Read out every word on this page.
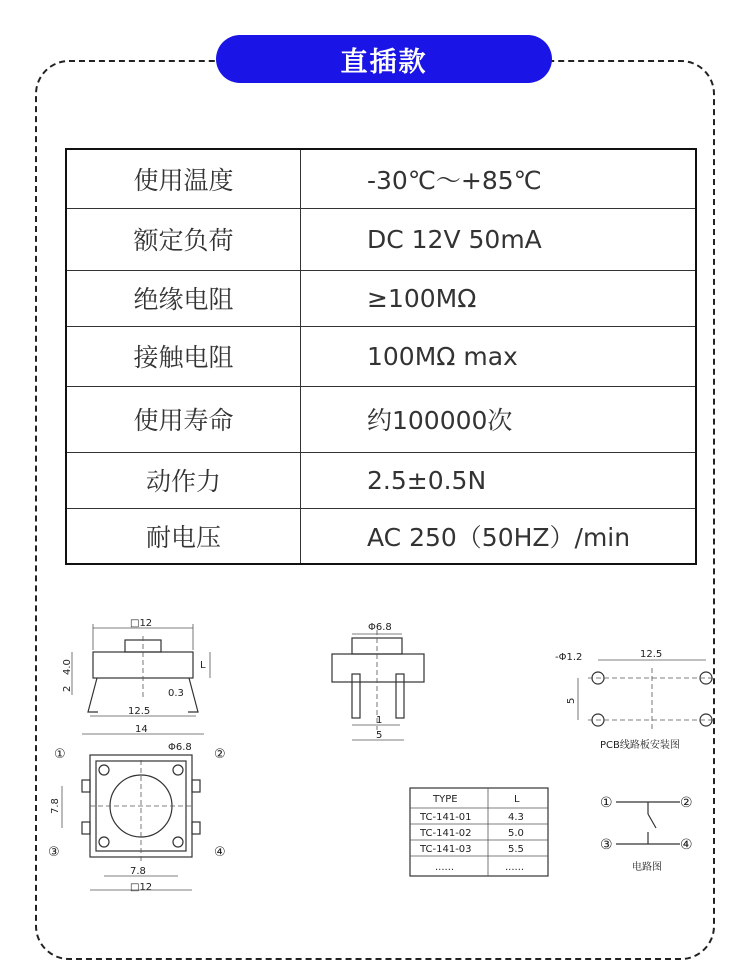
直插款
使用温度	-30℃～+85℃
额定负荷	DC 12V 50mA
绝缘电阻	≥100MΩ
接触电阻	100MΩ max
使用寿命	约100000次
动作力	2.5±0.5N
耐电压	AC 250（50HZ）/min
□12
4.0
2
L
0.3
12.5
14
Φ6.8
1
5
12.5
-Φ1.2
5
PCB线路板安装图
Φ6.8
①	②
③	④
7.8
7.8
□12
TYPE	L
TC-141-01	4.3
TC-141-02	5.0
TC-141-03	5.5
......	......
①	②
③	④
电路图
